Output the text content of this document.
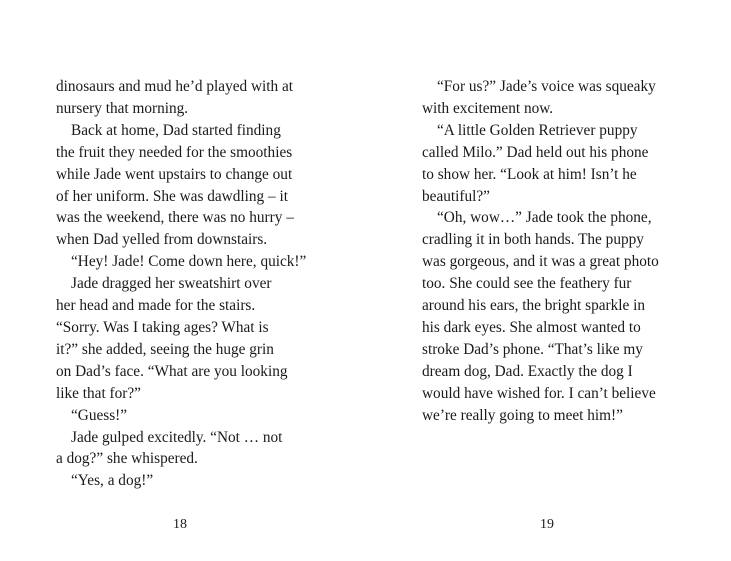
dinosaurs and mud he’d played with at
nursery that morning.
Back at home, Dad started finding
the fruit they needed for the smoothies
while Jade went upstairs to change out
of her uniform. She was dawdling – it
was the weekend, there was no hurry –
when Dad yelled from downstairs.
“Hey! Jade! Come down here, quick!”
Jade dragged her sweatshirt over
her head and made for the stairs.
“Sorry. Was I taking ages? What is
it?” she added, seeing the huge grin
on Dad’s face. “What are you looking
like that for?”
“Guess!”
Jade gulped excitedly. “Not … not
a dog?” she whispered.
“Yes, a dog!”
18
“For us?” Jade’s voice was squeaky
with excitement now.
“A little Golden Retriever puppy
called Milo.” Dad held out his phone
to show her. “Look at him! Isn’t he
beautiful?”
“Oh, wow…” Jade took the phone,
cradling it in both hands. The puppy
was gorgeous, and it was a great photo
too. She could see the feathery fur
around his ears, the bright sparkle in
his dark eyes. She almost wanted to
stroke Dad’s phone. “That’s like my
dream dog, Dad. Exactly the dog I
would have wished for. I can’t believe
we’re really going to meet him!”
19
